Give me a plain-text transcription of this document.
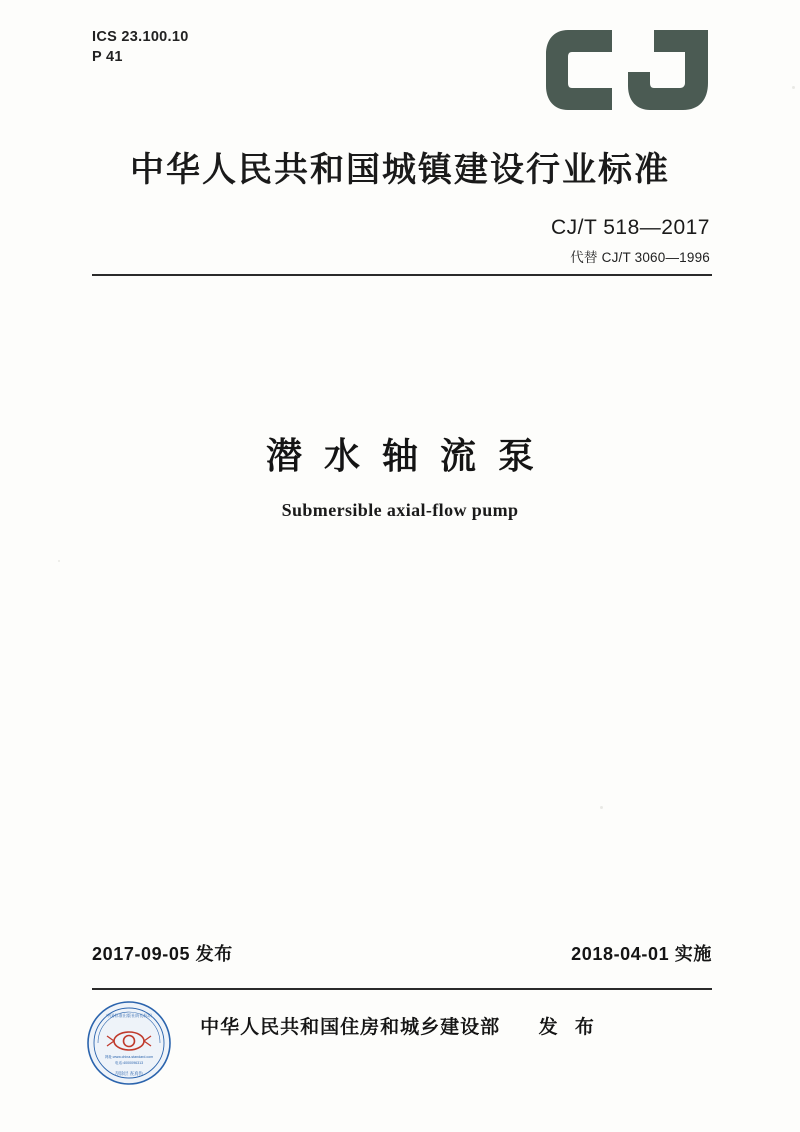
ICS 23.100.10
P 41
中华人民共和国城镇建设行业标准
CJ/T 518—2017
代替 CJ/T 3060—1996
潜水轴流泵
Submersible axial-flow pump
2017-09-05 发布	2018-04-01 实施
中华人民共和国住房和城乡建设部 发 布
中国标准出版社防伪标识
网址:www.china-standard.com
电话:4000096313
刮涂层 查真伪
